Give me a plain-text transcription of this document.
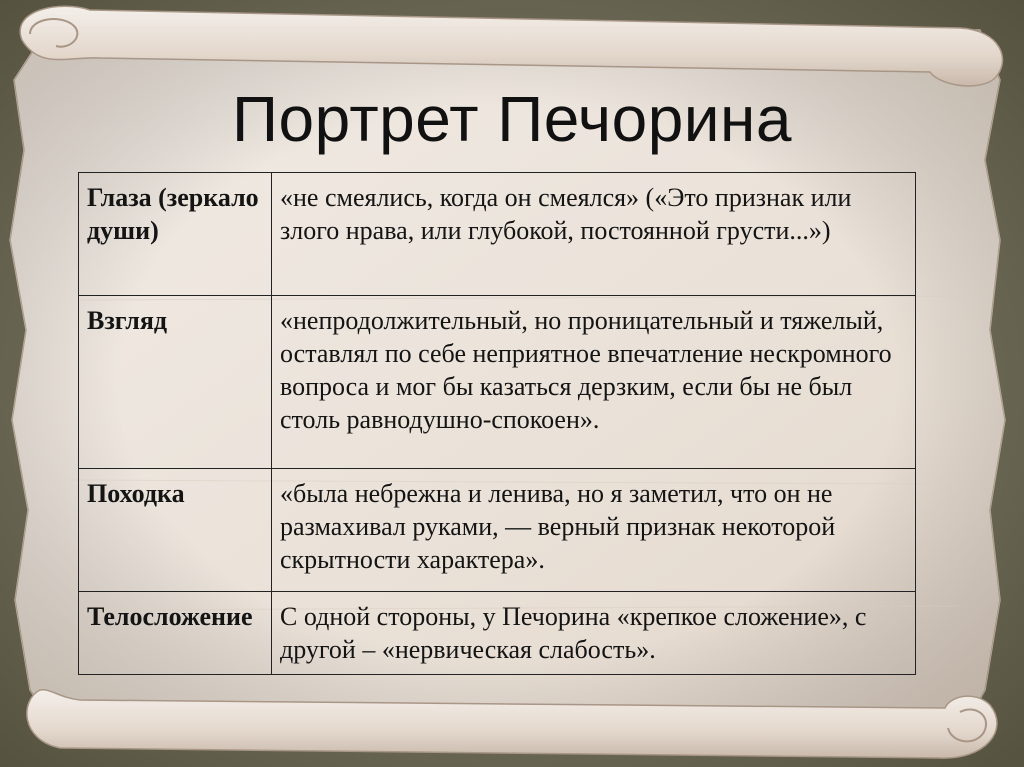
Портрет Печорина
Глаза (зеркало души)	«не смеялись, когда он смеялся» («Это признак или злого нрава, или глубокой, постоянной грусти...»)
Взгляд	«непродолжительный, но проницательный и тяжелый, оставлял по себе неприятное впечатление нескромного вопроса и мог бы казаться дерзким, если бы не был столь равнодушно-спокоен».
Походка	«была небрежна и ленива, но я заметил, что он не размахивал руками, — верный признак некоторой скрытности характера».
Телосложение	С одной стороны, у Печорина «крепкое сложение», с другой – «нервическая слабость».
